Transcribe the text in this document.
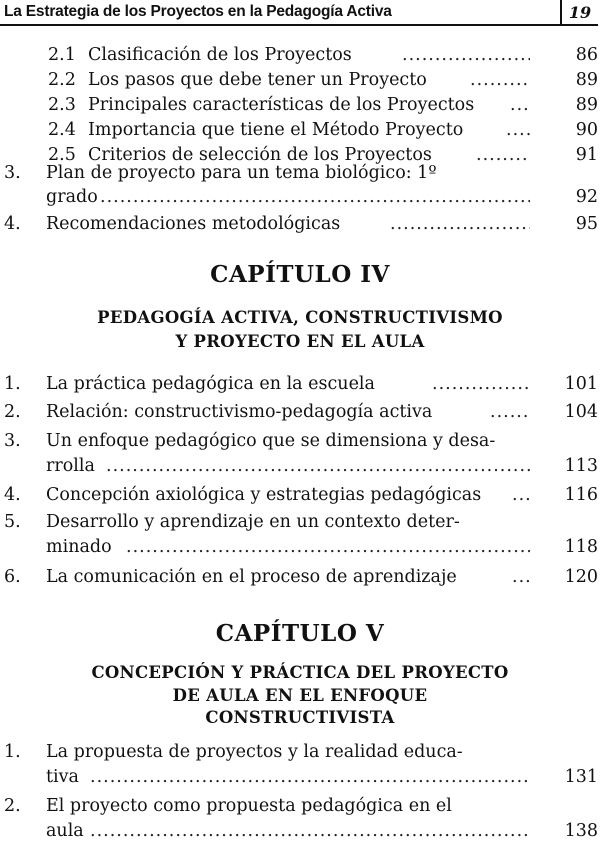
La Estrategia de los Proyectos en la Pedagogía Activa	19
2.1 Clasificación de los Proyectos .....	86
2.2 Los pasos que debe tener un Proyecto .....	89
2.3 Principales características de los Proyectos .....	89
2.4 Importancia que tiene el Método Proyecto .....	90
2.5 Criterios de selección de los Proyectos .....	91
3. Plan de proyecto para un tema biológico: 1º
grado .....	92
4. Recomendaciones metodológicas .....	95
CAPÍTULO IV
PEDAGOGÍA ACTIVA, CONSTRUCTIVISMO
Y PROYECTO EN EL AULA
1. La práctica pedagógica en la escuela .....	101
2. Relación: constructivismo-pedagogía activa .....	104
3. Un enfoque pedagógico que se dimensiona y desa-
rrolla .....	113
4. Concepción axiológica y estrategias pedagógicas .....	116
5. Desarrollo y aprendizaje en un contexto deter-
minado .....	118
6. La comunicación en el proceso de aprendizaje .....	120
CAPÍTULO V
CONCEPCIÓN Y PRÁCTICA DEL PROYECTO
DE AULA EN EL ENFOQUE
CONSTRUCTIVISTA
1. La propuesta de proyectos y la realidad educa-
tiva .....	131
2. El proyecto como propuesta pedagógica en el
aula .....	138
